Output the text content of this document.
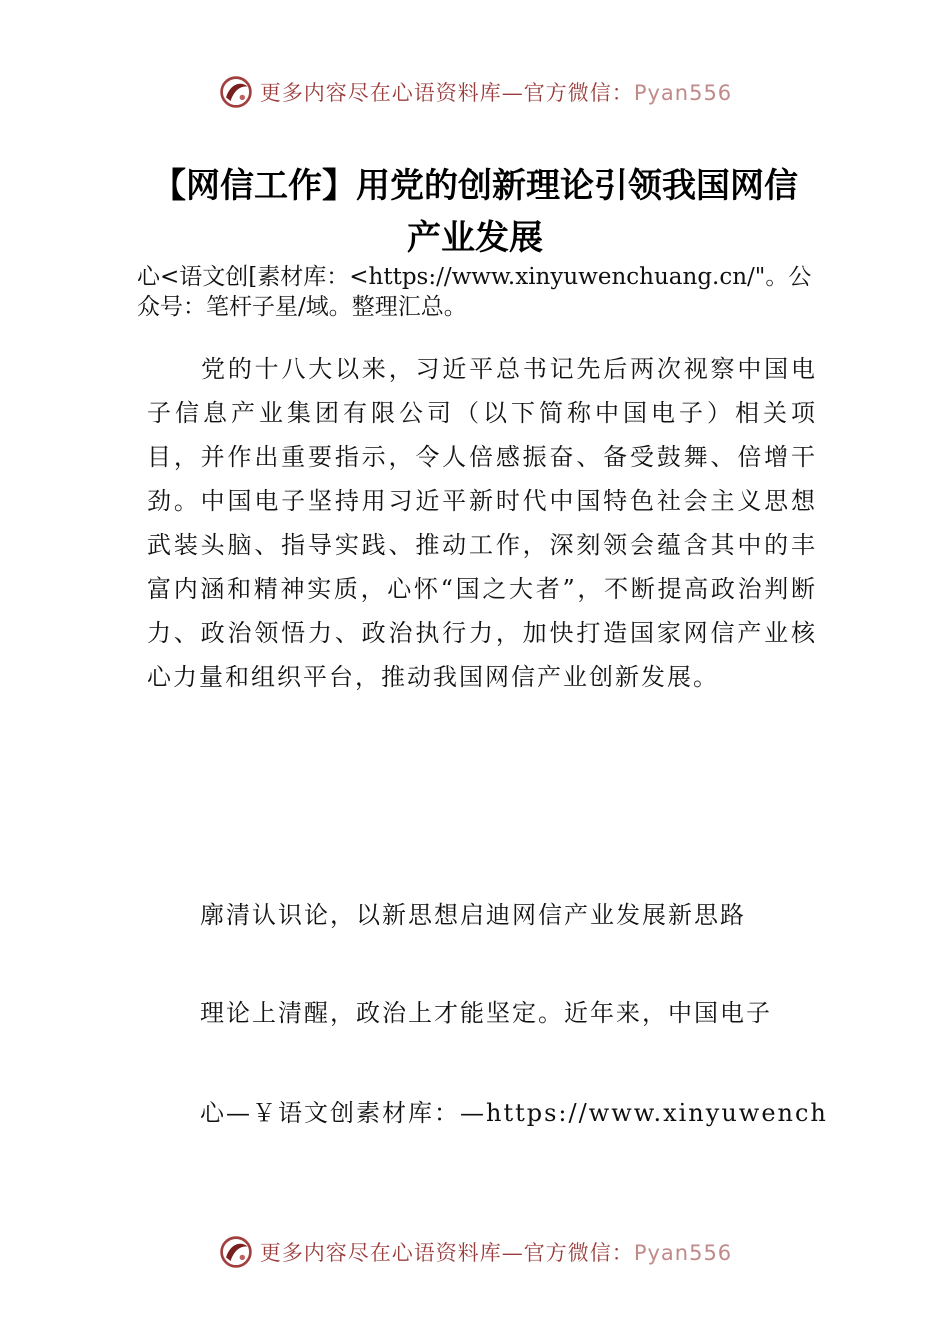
更多内容尽在心语资料库—官方微信：Pyan556
【网信工作】用党的创新理论引领我国网信
产业发展
心<语文创[素材库：<https://www.xinyuwenchuang.cn/"。公众号：笔杆子星/域。整理汇总。
党的十八大以来，习近平总书记先后两次视察中国电子信息产业集团有限公司（以下简称中国电子）相关项目，并作出重要指示，令人倍感振奋、备受鼓舞、倍增干劲。中国电子坚持用习近平新时代中国特色社会主义思想武装头脑、指导实践、推动工作，深刻领会蕴含其中的丰富内涵和精神实质，心怀“国之大者”，不断提高政治判断力、政治领悟力、政治执行力，加快打造国家网信产业核心力量和组织平台，推动我国网信产业创新发展。
廓清认识论，以新思想启迪网信产业发展新思路
理论上清醒，政治上才能坚定。近年来，中国电子
心—￥语文创素材库：—https://www.xinyuwench
更多内容尽在心语资料库—官方微信：Pyan556
